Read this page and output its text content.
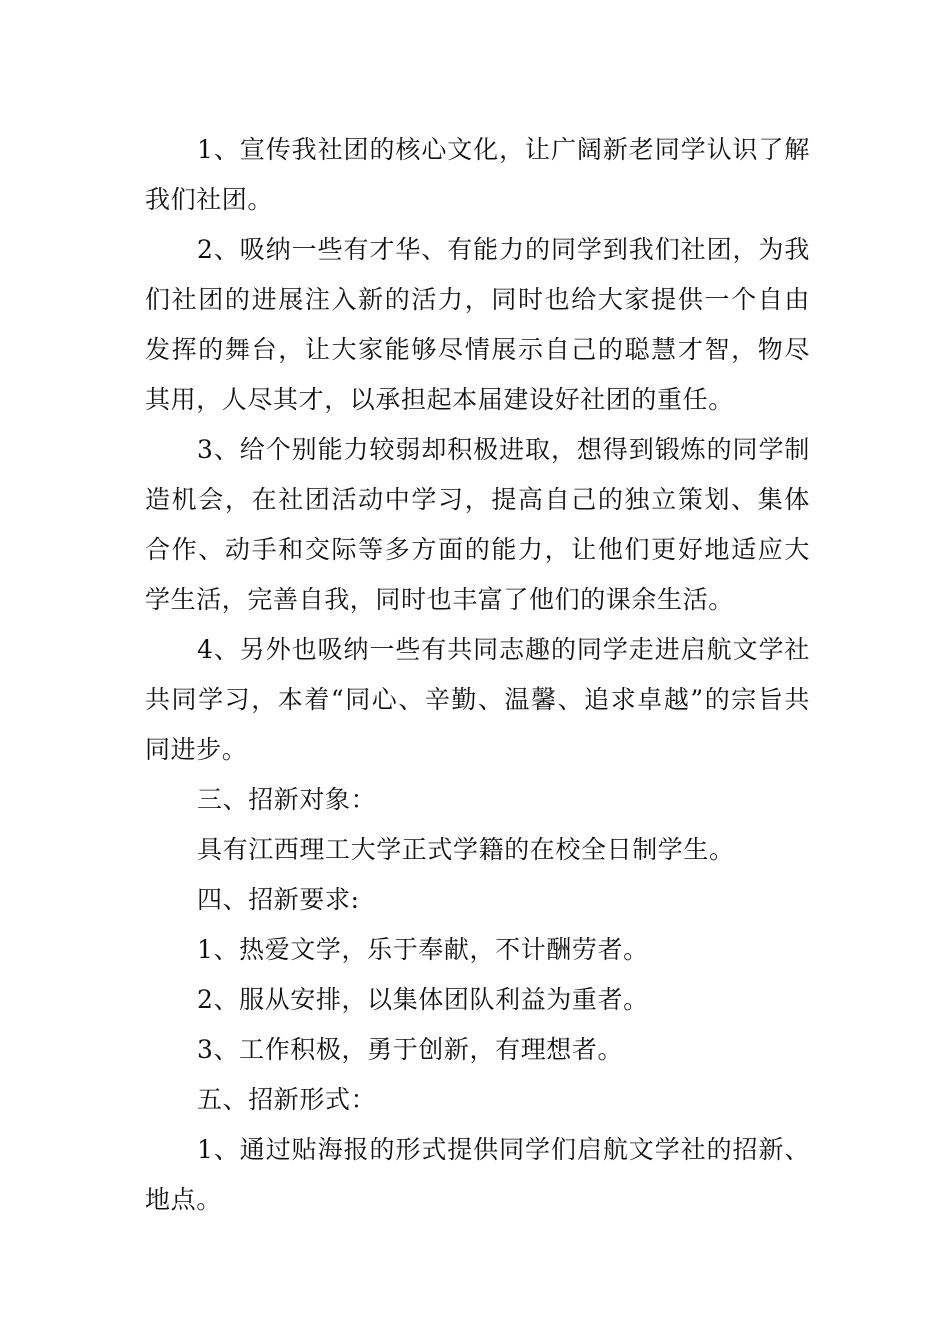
1、宣传我社团的核心文化，让广阔新老同学认识了解我们社团。

2、吸纳一些有才华、有能力的同学到我们社团，为我们社团的进展注入新的活力，同时也给大家提供一个自由发挥的舞台，让大家能够尽情展示自己的聪慧才智，物尽其用，人尽其才，以承担起本届建设好社团的重任。

3、给个别能力较弱却积极进取，想得到锻炼的同学制造机会，在社团活动中学习，提高自己的独立策划、集体合作、动手和交际等多方面的能力，让他们更好地适应大学生活，完善自我，同时也丰富了他们的课余生活。

4、另外也吸纳一些有共同志趣的同学走进启航文学社共同学习，本着“同心、辛勤、温馨、追求卓越”的宗旨共同进步。

三、招新对象：

具有江西理工大学正式学籍的在校全日制学生。

四、招新要求:

1、热爱文学，乐于奉献，不计酬劳者。

2、服从安排，以集体团队利益为重者。

3、工作积极，勇于创新，有理想者。

五、招新形式：

1、通过贴海报的形式提供同学们启航文学社的招新、地点。
